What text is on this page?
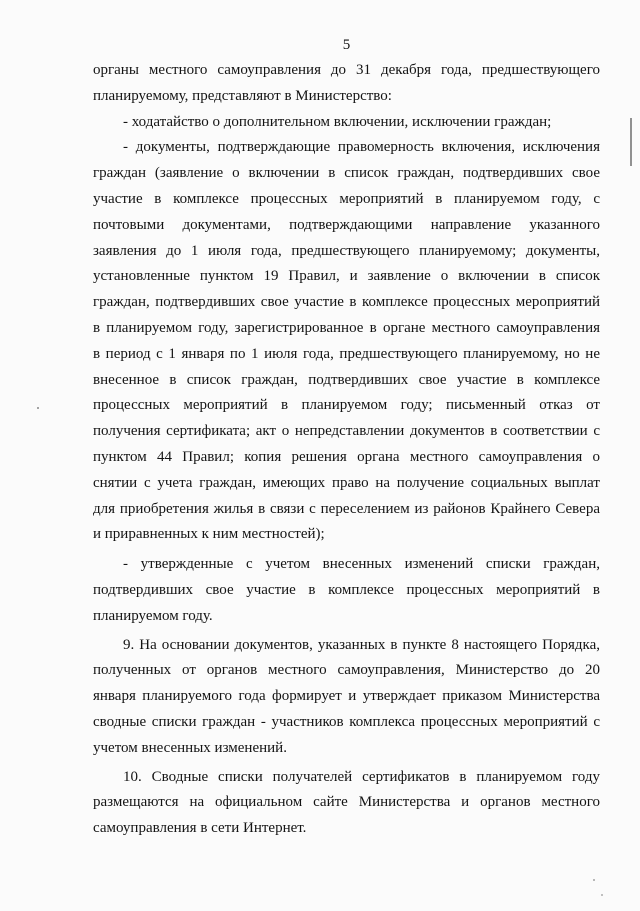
5
органы местного самоуправления до 31 декабря года, предшествующего
планируемому, представляют в Министерство:
- ходатайство о дополнительном включении, исключении граждан;
- документы, подтверждающие правомерность включения, исключения
граждан (заявление о включении в список граждан, подтвердивших свое
участие в комплексе процессных мероприятий в планируемом году, с
почтовыми документами, подтверждающими направление указанного
заявления до 1 июля года, предшествующего планируемому; документы,
установленные пунктом 19 Правил, и заявление о включении в список
граждан, подтвердивших свое участие в комплексе процессных мероприятий
в планируемом году, зарегистрированное в органе местного самоуправления
в период с 1 января по 1 июля года, предшествующего планируемому, но не
внесенное в список граждан, подтвердивших свое участие в комплексе
процессных мероприятий в планируемом году; письменный отказ от
получения сертификата; акт о непредставлении документов в соответствии с
пунктом 44 Правил; копия решения органа местного самоуправления о
снятии с учета граждан, имеющих право на получение социальных выплат
для приобретения жилья в связи с переселением из районов Крайнего Севера
и приравненных к ним местностей);
- утвержденные с учетом внесенных изменений списки граждан,
подтвердивших свое участие в комплексе процессных мероприятий в
планируемом году.
9. На основании документов, указанных в пункте 8 настоящего Порядка,
полученных от органов местного самоуправления, Министерство до 20
января планируемого года формирует и утверждает приказом Министерства
сводные списки граждан - участников комплекса процессных мероприятий с
учетом внесенных изменений.
10. Сводные списки получателей сертификатов в планируемом году
размещаются на официальном сайте Министерства и органов местного
самоуправления в сети Интернет.
